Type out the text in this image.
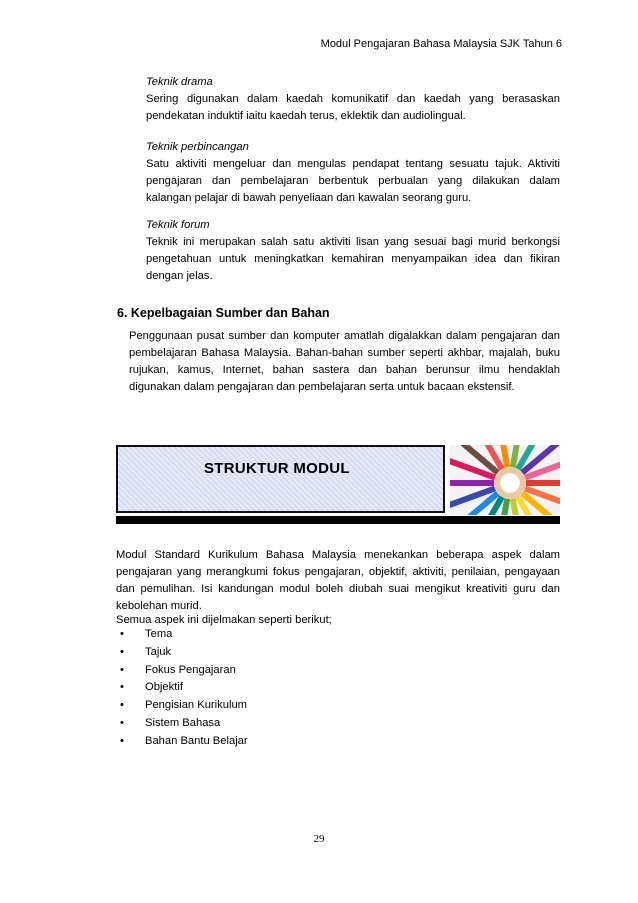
Modul Pengajaran Bahasa Malaysia SJK Tahun 6
Teknik drama
Sering digunakan dalam kaedah komunikatif dan kaedah yang berasaskan pendekatan induktif iaitu kaedah terus, eklektik dan audiolingual.
Teknik perbincangan
Satu aktiviti mengeluar dan mengulas pendapat tentang sesuatu tajuk. Aktiviti pengajaran dan pembelajaran berbentuk perbualan yang dilakukan dalam kalangan pelajar di bawah penyeliaan dan kawalan seorang guru.
Teknik forum
Teknik ini merupakan salah satu aktiviti lisan yang sesuai bagi murid berkongsi pengetahuan untuk meningkatkan kemahiran menyampaikan idea dan fikiran dengan jelas.
6. Kepelbagaian Sumber dan Bahan
Penggunaan pusat sumber dan komputer amatlah digalakkan dalam pengajaran dan pembelajaran Bahasa Malaysia. Bahan-bahan sumber seperti akhbar, majalah, buku rujukan, kamus, Internet, bahan sastera dan bahan berunsur ilmu hendaklah digunakan dalam pengajaran dan pembelajaran serta untuk bacaan ekstensif.
STRUKTUR MODUL
Modul Standard Kurikulum Bahasa Malaysia menekankan beberapa aspek dalam pengajaran yang merangkumi fokus pengajaran, objektif, aktiviti, penilaian, pengayaan dan pemulihan. Isi kandungan modul boleh diubah suai mengikut kreativiti guru dan kebolehan murid.
Semua aspek ini dijelmakan seperti berikut;
• Tema
• Tajuk
• Fokus Pengajaran
• Objektif
• Pengisian Kurikulum
• Sistem Bahasa
• Bahan Bantu Belajar
29
